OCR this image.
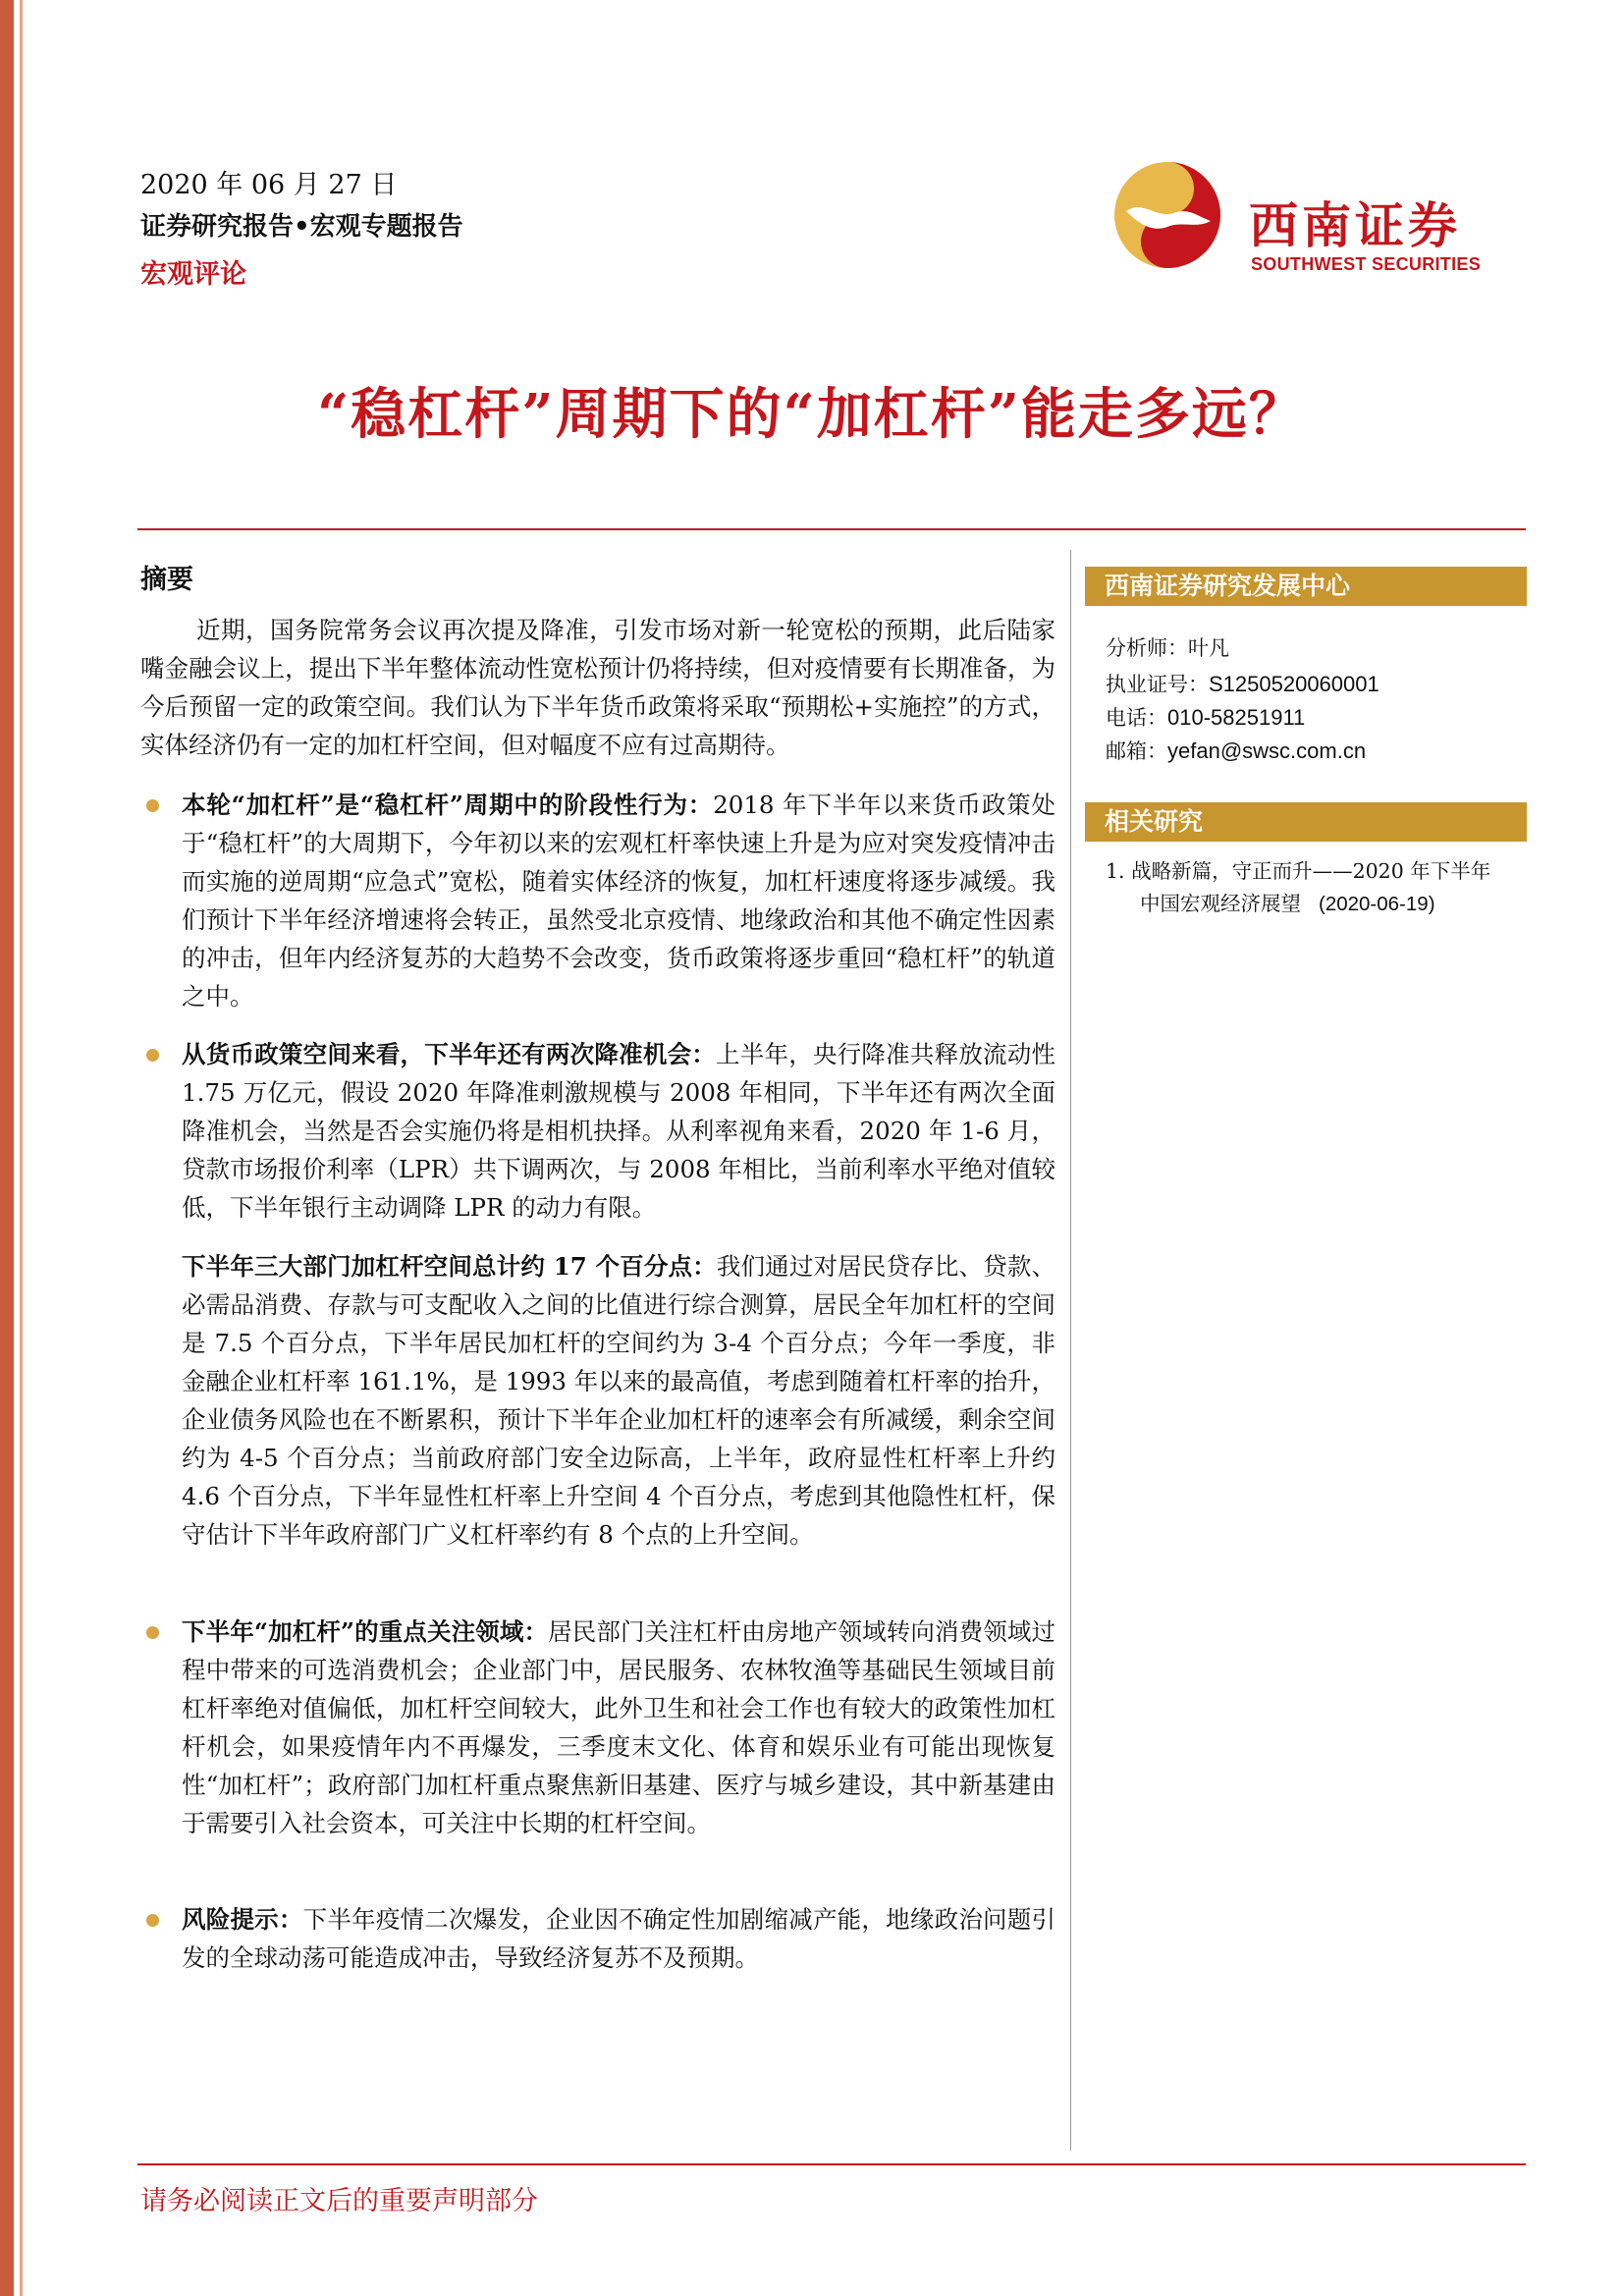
2020 年 06 月 27 日
证券研究报告•宏观专题报告
宏观评论
西南证券
SOUTHWEST SECURITIES
“稳杠杆”周期下的“加杠杆”能走多远？
摘要

近期，国务院常务会议再次提及降准，引发市场对新一轮宽松的预期，此后陆家嘴金融会议上，提出下半年整体流动性宽松预计仍将持续，但对疫情要有长期准备，为今后预留一定的政策空间。我们认为下半年货币政策将采取“预期松+实施控”的方式，实体经济仍有一定的加杠杆空间，但对幅度不应有过高期待。

本轮“加杠杆”是“稳杠杆”周期中的阶段性行为：2018 年下半年以来货币政策处于“稳杠杆”的大周期下，今年初以来的宏观杠杆率快速上升是为应对突发疫情冲击而实施的逆周期“应急式”宽松，随着实体经济的恢复，加杠杆速度将逐步减缓。我们预计下半年经济增速将会转正，虽然受北京疫情、地缘政治和其他不确定性因素的冲击，但年内经济复苏的大趋势不会改变，货币政策将逐步重回“稳杠杆”的轨道之中。

从货币政策空间来看，下半年还有两次降准机会：上半年，央行降准共释放流动性 1.75 万亿元，假设 2020 年降准刺激规模与 2008 年相同，下半年还有两次全面降准机会，当然是否会实施仍将是相机抉择。从利率视角来看，2020 年 1-6 月，贷款市场报价利率（LPR）共下调两次，与 2008 年相比，当前利率水平绝对值较低，下半年银行主动调降 LPR 的动力有限。

下半年三大部门加杠杆空间总计约 17 个百分点：我们通过对居民贷存比、贷款、必需品消费、存款与可支配收入之间的比值进行综合测算，居民全年加杠杆的空间是 7.5 个百分点，下半年居民加杠杆的空间约为 3-4 个百分点；今年一季度，非金融企业杠杆率 161.1%，是 1993 年以来的最高值，考虑到随着杠杆率的抬升，企业债务风险也在不断累积，预计下半年企业加杠杆的速率会有所减缓，剩余空间约为 4-5 个百分点；当前政府部门安全边际高，上半年，政府显性杠杆率上升约 4.6 个百分点，下半年显性杠杆率上升空间 4 个百分点，考虑到其他隐性杠杆，保守估计下半年政府部门广义杠杆率约有 8 个点的上升空间。

下半年“加杠杆”的重点关注领域：居民部门关注杠杆由房地产领域转向消费领域过程中带来的可选消费机会；企业部门中，居民服务、农林牧渔等基础民生领域目前杠杆率绝对值偏低，加杠杆空间较大，此外卫生和社会工作也有较大的政策性加杠杆机会，如果疫情年内不再爆发，三季度末文化、体育和娱乐业有可能出现恢复性“加杠杆”；政府部门加杠杆重点聚焦新旧基建、医疗与城乡建设，其中新基建由于需要引入社会资本，可关注中长期的杠杆空间。

风险提示：下半年疫情二次爆发，企业因不确定性加剧缩减产能，地缘政治问题引发的全球动荡可能造成冲击，导致经济复苏不及预期。

西南证券研究发展中心
分析师：叶凡
执业证号：S1250520060001
电话：010-58251911
邮箱：yefan@swsc.com.cn
相关研究
1. 战略新篇，守正而升——2020 年下半年
中国宏观经济展望 (2020-06-19)
请务必阅读正文后的重要声明部分
